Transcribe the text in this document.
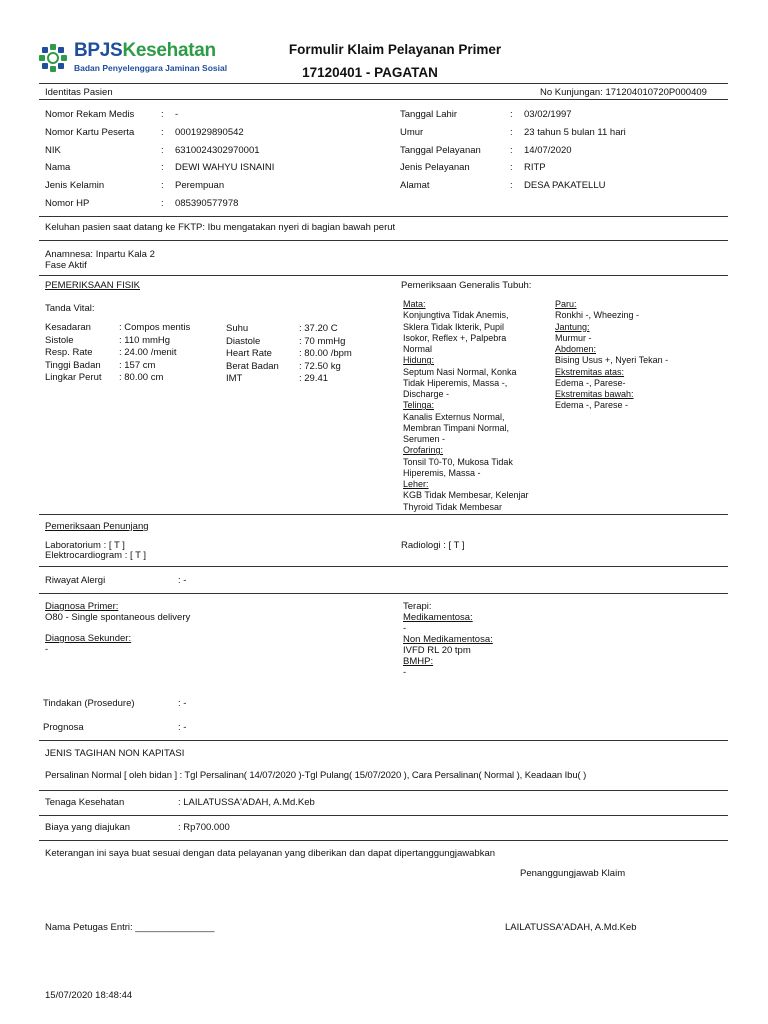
BPJSKesehatan
Badan Penyelenggara Jaminan Sosial
Formulir Klaim Pelayanan Primer
17120401 - PAGATAN
Identitas Pasien	No Kunjungan: 171204010720P000409
Nomor Rekam Medis	: -
Nomor Kartu Peserta	: 0001929890542
NIK	: 6310024302970001
Nama	: DEWI WAHYU ISNAINI
Jenis Kelamin	: Perempuan
Nomor HP	: 085390577978
Tanggal Lahir	: 03/02/1997
Umur	: 23 tahun 5 bulan 11 hari
Tanggal Pelayanan	: 14/07/2020
Jenis Pelayanan	: RITP
Alamat	: DESA PAKATELLU
Keluhan pasien saat datang ke FKTP: Ibu mengatakan nyeri di bagian bawah perut
Anamnesa: Inpartu Kala 2
Fase Aktif
PEMERIKSAAN FISIK
Tanda Vital:
Kesadaran	: Compos mentis
Sistole	: 110 mmHg
Resp. Rate	: 24.00 /menit
Tinggi Badan : 157 cm
Lingkar Perut : 80.00 cm
Suhu	: 37.20 C
Diastole	: 70 mmHg
Heart Rate	: 80.00 /bpm
Berat Badan : 72.50 kg
IMT	: 29.41
Pemeriksaan Generalis Tubuh:
Mata:
Konjungtiva Tidak Anemis,
Sklera Tidak Ikterik, Pupil
Isokor, Reflex +, Palpebra
Normal
Hidung:
Septum Nasi Normal, Konka
Tidak Hiperemis, Massa -,
Discharge -
Telinga:
Kanalis Externus Normal,
Membran Timpani Normal,
Serumen -
Orofaring:
Tonsil T0-T0, Mukosa Tidak
Hiperemis, Massa -
Leher:
KGB Tidak Membesar, Kelenjar
Thyroid Tidak Membesar
Paru:
Ronkhi -, Wheezing -
Jantung:
Murmur -
Abdomen:
Bising Usus +, Nyeri Tekan -
Ekstremitas atas:
Edema -, Parese-
Ekstremitas bawah:
Edema -, Parese -
Pemeriksaan Penunjang
Laboratorium : [ T ]
Elektrocardiogram : [ T ]
Radiologi : [ T ]
Riwayat Alergi	: -
Diagnosa Primer:
O80 - Single spontaneous delivery
Diagnosa Sekunder:
-
Terapi:
Medikamentosa:
-
Non Medikamentosa:
IVFD RL 20 tpm
BMHP:
-
Tindakan (Prosedure)	: -
Prognosa	: -
JENIS TAGIHAN NON KAPITASI
Persalinan Normal [ oleh bidan ] : Tgl Persalinan( 14/07/2020 )-Tgl Pulang( 15/07/2020 ), Cara Persalinan( Normal ), Keadaan Ibu( )
Tenaga Kesehatan	: LAILATUSSA'ADAH, A.Md.Keb
Biaya yang diajukan	: Rp700.000
Keterangan ini saya buat sesuai dengan data pelayanan yang diberikan dan dapat dipertanggungjawabkan
Penanggungjawab Klaim
Nama Petugas Entri: _______________	LAILATUSSA'ADAH, A.Md.Keb
15/07/2020 18:48:44
